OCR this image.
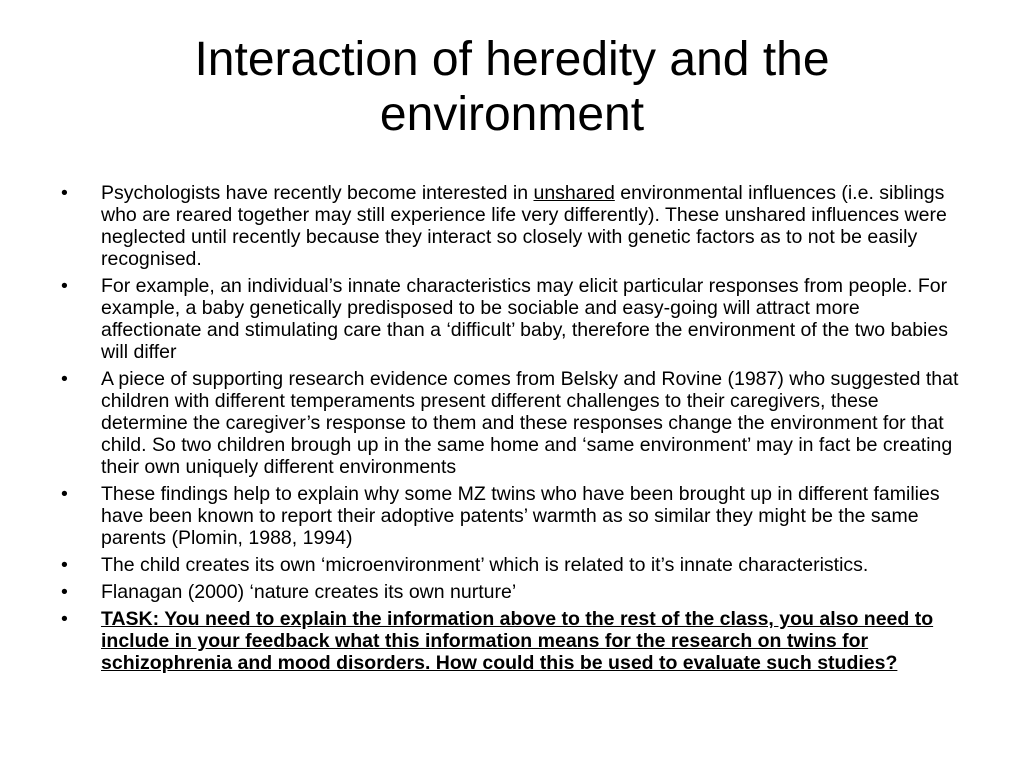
Interaction of heredity and the environment
• Psychologists have recently become interested in unshared environmental influences (i.e. siblings who are reared together may still experience life very differently). These unshared influences were neglected until recently because they interact so closely with genetic factors as to not be easily recognised.
• For example, an individual’s innate characteristics may elicit particular responses from people. For example, a baby genetically predisposed to be sociable and easy-going will attract more affectionate and stimulating care than a ‘difficult’ baby, therefore the environment of the two babies will differ
• A piece of supporting research evidence comes from Belsky and Rovine (1987) who suggested that children with different temperaments present different challenges to their caregivers, these determine the caregiver’s response to them and these responses change the environment for that child. So two children brough up in the same home and ‘same environment’ may in fact be creating their own uniquely different environments
• These findings help to explain why some MZ twins who have been brought up in different families have been known to report their adoptive patents’ warmth as so similar they might be the same parents (Plomin, 1988, 1994)
• The child creates its own ‘microenvironment’ which is related to it’s innate characteristics.
• Flanagan (2000) ‘nature creates its own nurture’
• TASK: You need to explain the information above to the rest of the class, you also need to include in your feedback what this information means for the research on twins for schizophrenia and mood disorders. How could this be used to evaluate such studies?
